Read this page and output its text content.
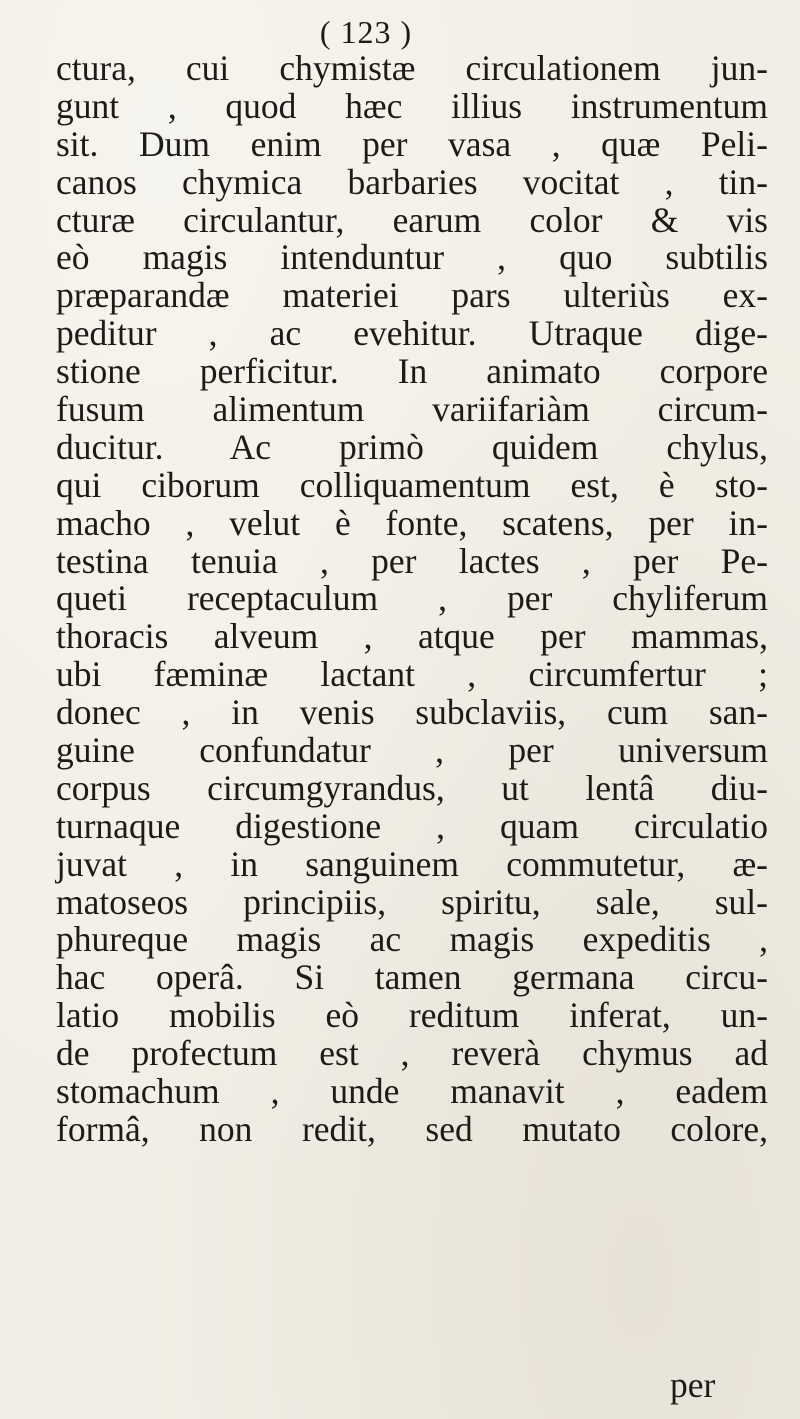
( 123 )
ctura, cui chymistæ circulationem jun-
gunt , quod hæc illius instrumentum
sit. Dum enim per vasa , quæ Peli-
canos chymica barbaries vocitat , tin-
cturæ circulantur, earum color & vis
eò magis intenduntur , quo subtilis
præparandæ materiei pars ulteriùs ex-
peditur , ac evehitur. Utraque dige-
stione perficitur. In animato corpore
fusum alimentum variifariàm circum-
ducitur. Ac primò quidem chylus,
qui ciborum colliquamentum est, è sto-
macho , velut è fonte, scatens, per in-
testina tenuia , per lactes , per Pe-
queti receptaculum , per chyliferum
thoracis alveum , atque per mammas,
ubi fæminæ lactant , circumfertur ;
donec , in venis subclaviis, cum san-
guine confundatur , per universum
corpus circumgyrandus, ut lentâ diu-
turnaque digestione , quam circulatio
juvat , in sanguinem commutetur, æ-
matoseos principiis, spiritu, sale, sul-
phureque magis ac magis expeditis ,
hac operâ. Si tamen germana circu-
latio mobilis eò reditum inferat, un-
de profectum est , reverà chymus ad
stomachum , unde manavit , eadem
formâ, non redit, sed mutato colore,
per
